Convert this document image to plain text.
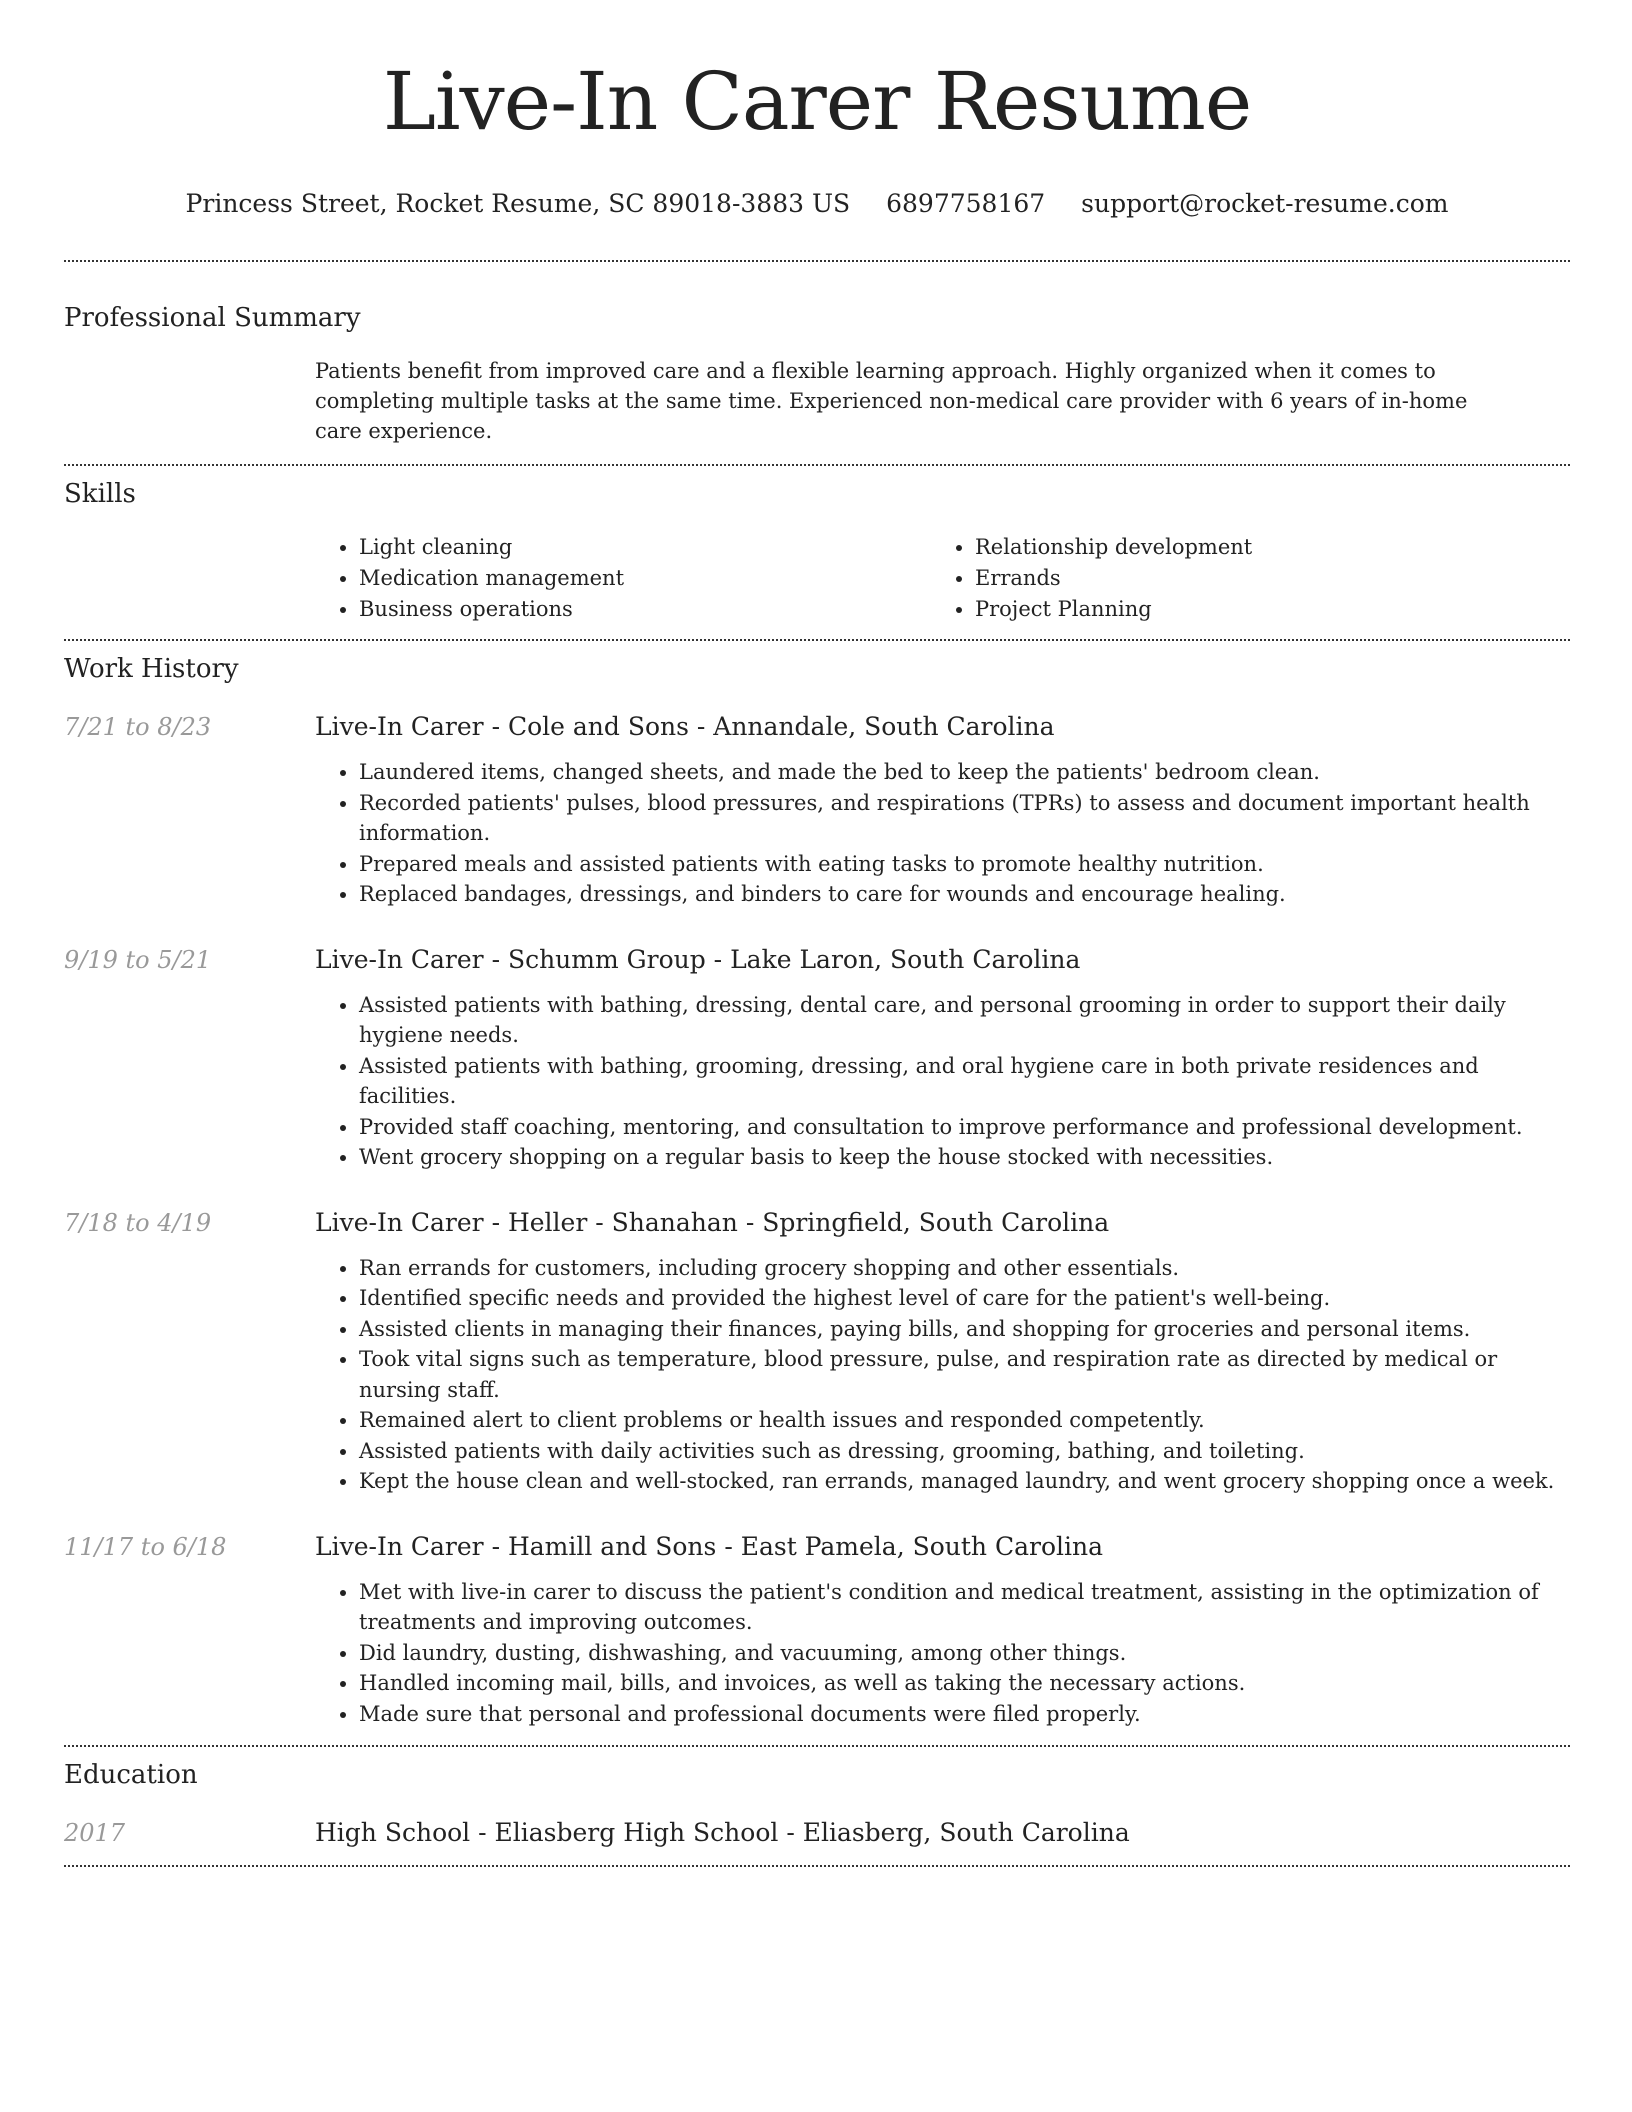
Live-In Carer Resume
Princess Street, Rocket Resume, SC 89018-3883 US 6897758167 support@rocket-resume.com
Professional Summary
Patients benefit from improved care and a flexible learning approach. Highly organized when it comes to completing multiple tasks at the same time. Experienced non-medical care provider with 6 years of in-home care experience.
Skills
• Light cleaning
• Medication management
• Business operations
• Relationship development
• Errands
• Project Planning
Work History
7/21 to 8/23	Live-In Carer - Cole and Sons - Annandale, South Carolina
• Laundered items, changed sheets, and made the bed to keep the patients' bedroom clean.
• Recorded patients' pulses, blood pressures, and respirations (TPRs) to assess and document important health information.
• Prepared meals and assisted patients with eating tasks to promote healthy nutrition.
• Replaced bandages, dressings, and binders to care for wounds and encourage healing.
9/19 to 5/21	Live-In Carer - Schumm Group - Lake Laron, South Carolina
• Assisted patients with bathing, dressing, dental care, and personal grooming in order to support their daily hygiene needs.
• Assisted patients with bathing, grooming, dressing, and oral hygiene care in both private residences and facilities.
• Provided staff coaching, mentoring, and consultation to improve performance and professional development.
• Went grocery shopping on a regular basis to keep the house stocked with necessities.
7/18 to 4/19	Live-In Carer - Heller - Shanahan - Springfield, South Carolina
• Ran errands for customers, including grocery shopping and other essentials.
• Identified specific needs and provided the highest level of care for the patient's well-being.
• Assisted clients in managing their finances, paying bills, and shopping for groceries and personal items.
• Took vital signs such as temperature, blood pressure, pulse, and respiration rate as directed by medical or nursing staff.
• Remained alert to client problems or health issues and responded competently.
• Assisted patients with daily activities such as dressing, grooming, bathing, and toileting.
• Kept the house clean and well-stocked, ran errands, managed laundry, and went grocery shopping once a week.
11/17 to 6/18	Live-In Carer - Hamill and Sons - East Pamela, South Carolina
• Met with live-in carer to discuss the patient's condition and medical treatment, assisting in the optimization of treatments and improving outcomes.
• Did laundry, dusting, dishwashing, and vacuuming, among other things.
• Handled incoming mail, bills, and invoices, as well as taking the necessary actions.
• Made sure that personal and professional documents were filed properly.
Education
2017	High School - Eliasberg High School - Eliasberg, South Carolina
